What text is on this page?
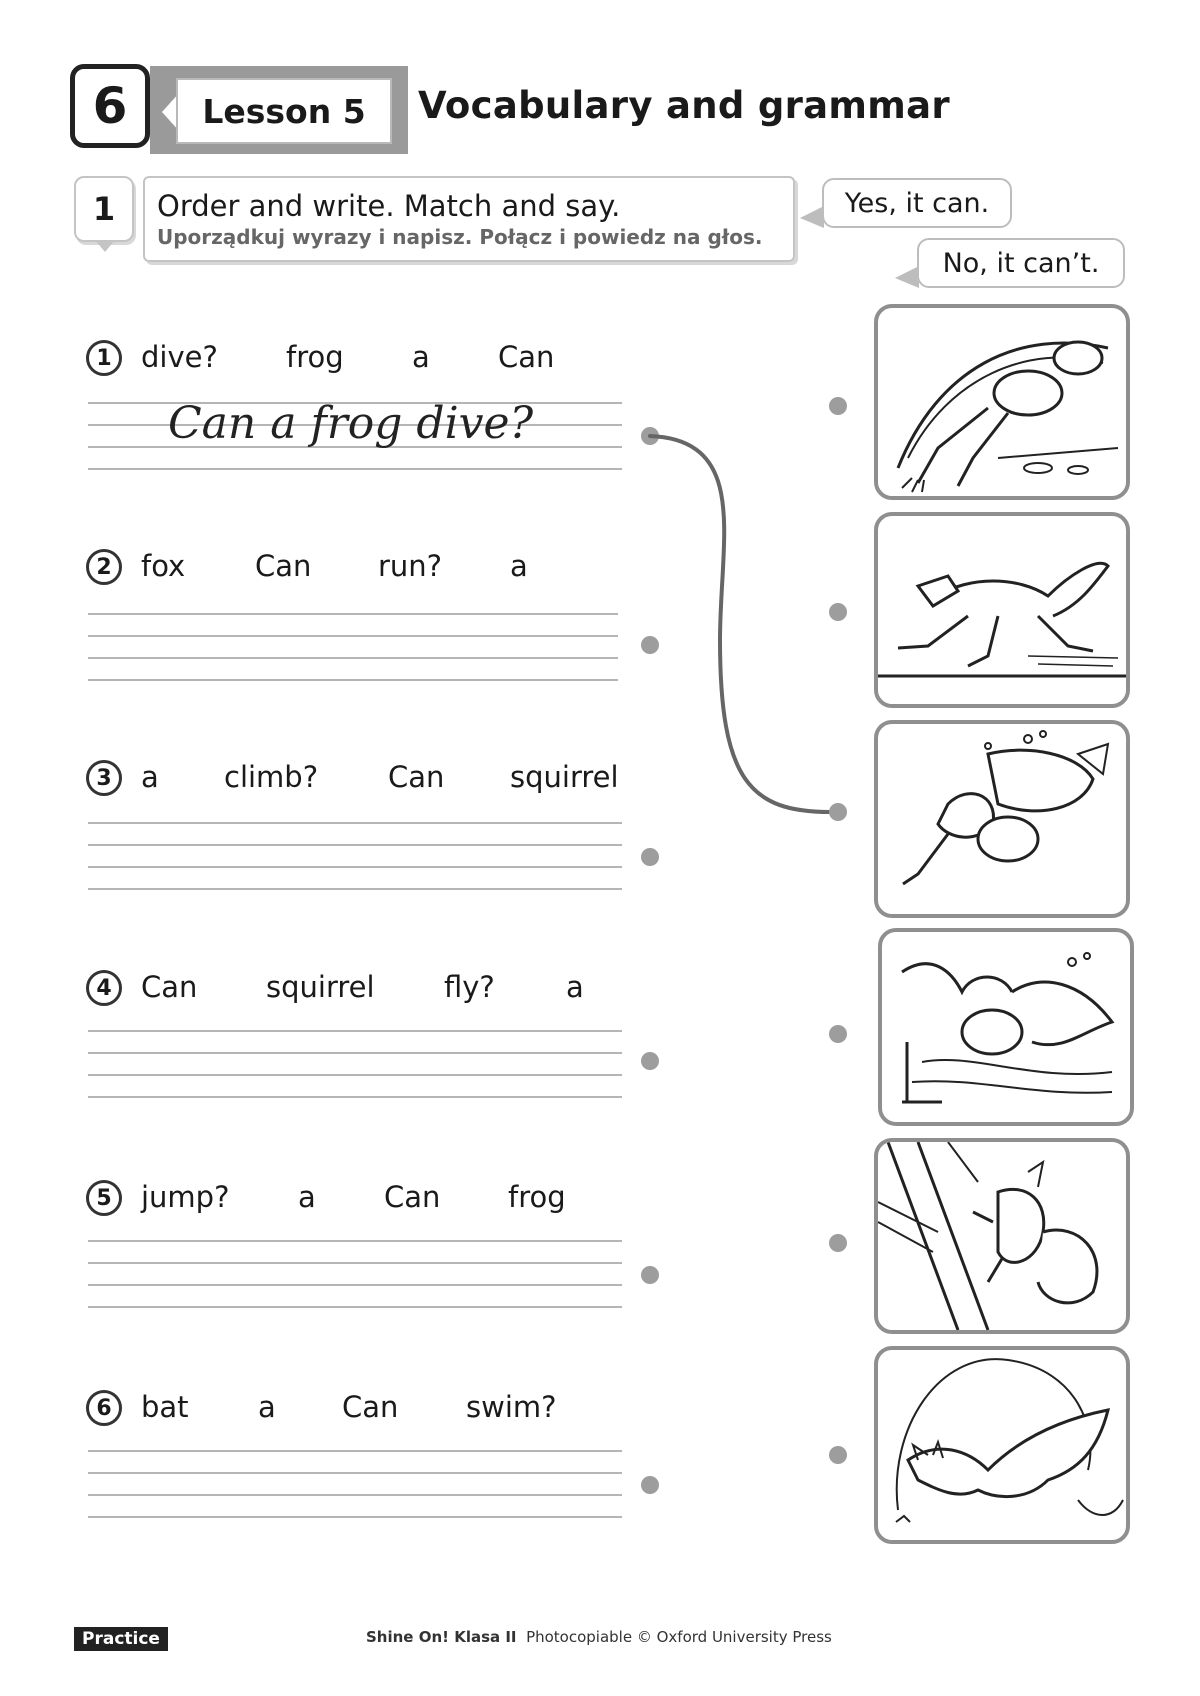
6	Lesson 5	Vocabulary and grammar
1	Order and write. Match and say.
Uporządkuj wyrazy i napisz. Połącz i powiedz na głos.
Yes, it can.
No, it can’t.
1	dive? frog a Can
Can a frog dive?
2	fox Can run? a
3	a climb? Can squirrel
4	Can squirrel fly? a
5	jump? a Can frog
6	bat a Can swim?
Practice	Shine On! Klasa II Photocopiable © Oxford University Press
